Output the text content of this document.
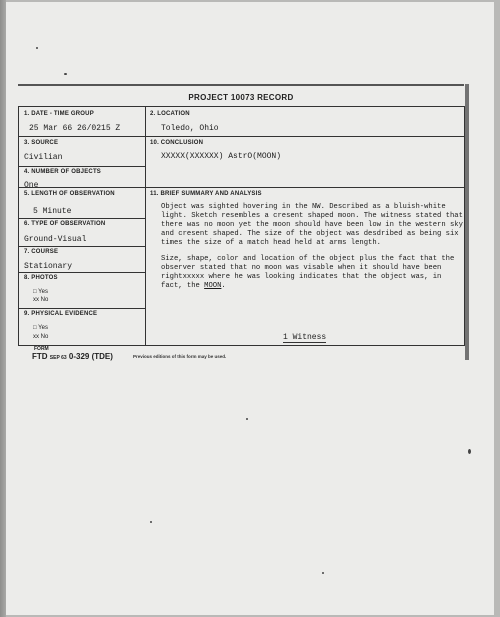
PROJECT 10073 RECORD
1. DATE - TIME GROUP
25 Mar 66 26/0215 Z
2. LOCATION
Toledo, Ohio
3. SOURCE
Civilian
10. CONCLUSION
XXXXX(XXXXXX) AstrO(MOON)
4. NUMBER OF OBJECTS
One
5. LENGTH OF OBSERVATION
5 Minute
11. BRIEF SUMMARY AND ANALYSIS
6. TYPE OF OBSERVATION
Ground-Visual
7. COURSE
Stationary
8. PHOTOS
□ Yes
xx No
9. PHYSICAL EVIDENCE
□ Yes
xx No

Object was sighted hovering in the NW. Described as a bluish-white light. Sketch resembles a cresent shaped moon. The witness stated that there was no moon yet the moon should have been low in the western sky and cresent shaped. The size of the object was desdribed as being six times the size of a match head held at arms length.

Size, shape, color and location of the object plus the fact that the observer stated that no moon was visable when it should have been rightxxxxx where he was looking indicates that the object was, in fact, the MOON.

1 Witness
FORM
FTD SEP 63 0-329 (TDE)	Previous editions of this form may be used.
